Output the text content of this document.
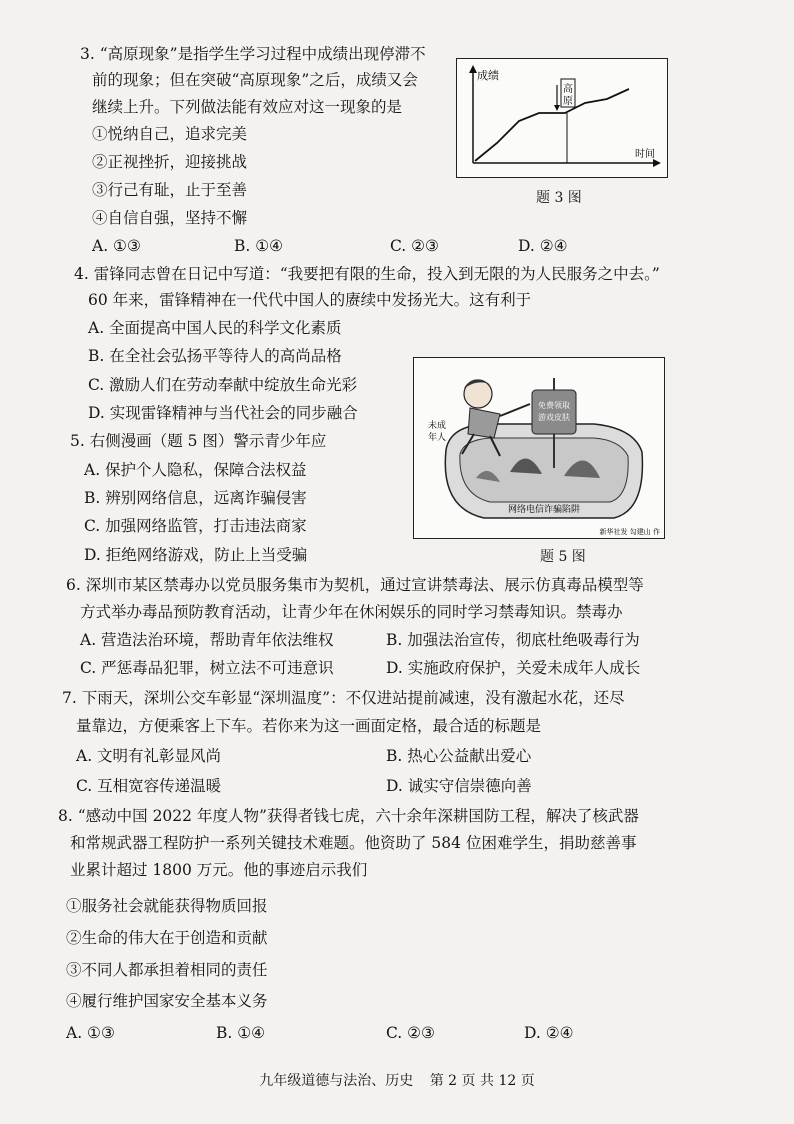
3. “高原现象”是指学生学习过程中成绩出现停滞不
前的现象；但在突破“高原现象”之后，成绩又会
继续上升。下列做法能有效应对这一现象的是
①悦纳自己，追求完美
②正视挫折，迎接挑战
③行己有耻，止于至善
④自信自强，坚持不懈
A. ①③	B. ①④	C. ②③	D. ②④
高
原
成绩
时间
题 3 图
4. 雷锋同志曾在日记中写道：“我要把有限的生命，投入到无限的为人民服务之中去。”
60 年来，雷锋精神在一代代中国人的赓续中发扬光大。这有利于
A. 全面提高中国人民的科学文化素质
B. 在全社会弘扬平等待人的高尚品格
C. 激励人们在劳动奉献中绽放生命光彩
D. 实现雷锋精神与当代社会的同步融合
5. 右侧漫画（题 5 图）警示青少年应
A. 保护个人隐私，保障合法权益
B. 辨别网络信息，远离诈骗侵害
C. 加强网络监管，打击违法商家
D. 拒绝网络游戏，防止上当受骗
免费领取
游戏皮肤
未成
年人
网络电信诈骗陷阱
新华社发 勾建山 作
题 5 图
6. 深圳市某区禁毒办以党员服务集市为契机，通过宣讲禁毒法、展示仿真毒品模型等
方式举办毒品预防教育活动，让青少年在休闲娱乐的同时学习禁毒知识。禁毒办
A. 营造法治环境，帮助青年依法维权	B. 加强法治宣传，彻底杜绝吸毒行为
C. 严惩毒品犯罪，树立法不可违意识	D. 实施政府保护，关爱未成年人成长
7. 下雨天，深圳公交车彰显“深圳温度”：不仅进站提前减速，没有激起水花，还尽
量靠边，方便乘客上下车。若你来为这一画面定格，最合适的标题是
A. 文明有礼彰显风尚	B. 热心公益献出爱心
C. 互相宽容传递温暖	D. 诚实守信崇德向善
8. “感动中国 2022 年度人物”获得者钱七虎，六十余年深耕国防工程，解决了核武器
和常规武器工程防护一系列关键技术难题。他资助了 584 位困难学生，捐助慈善事
业累计超过 1800 万元。他的事迹启示我们
①服务社会就能获得物质回报
②生命的伟大在于创造和贡献
③不同人都承担着相同的责任
④履行维护国家安全基本义务
A. ①③	B. ①④	C. ②③	D. ②④
九年级道德与法治、历史 第 2 页 共 12 页
